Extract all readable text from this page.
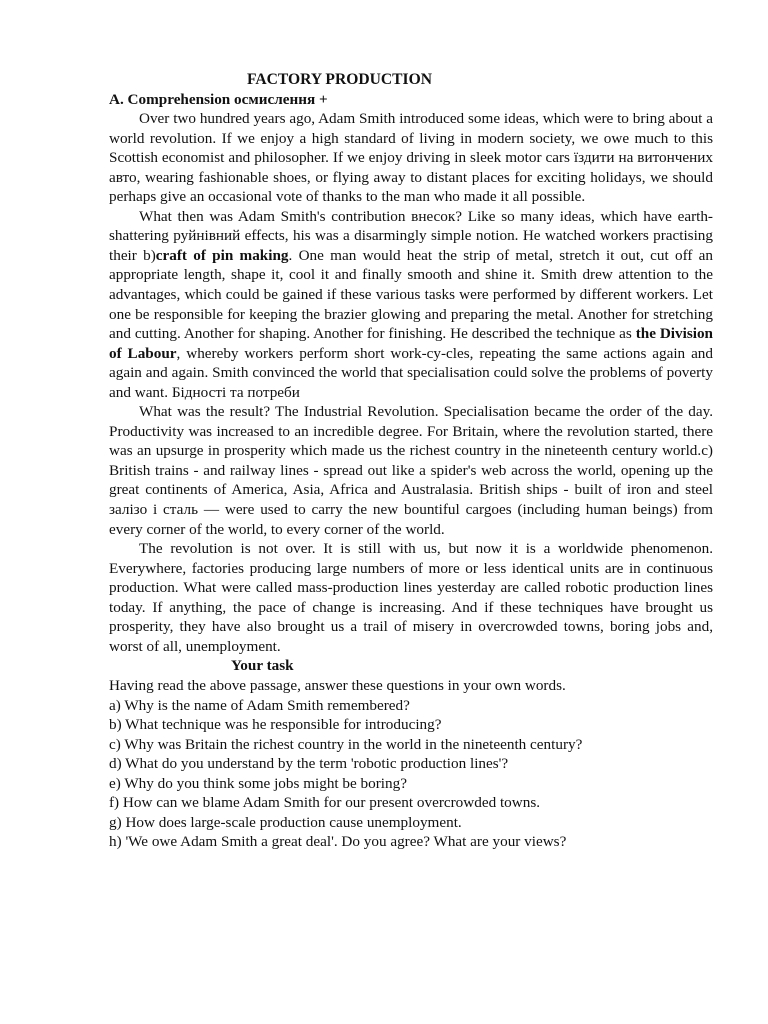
FACTORY PRODUCTION

A. Comprehension осмислення +

Over two hundred years ago, Adam Smith introduced some ideas, which were to bring about a world revolution. If we enjoy a high standard of living in modern society, we owe much to this Scottish economist and philosopher. If we enjoy driving in sleek motor cars їздити на витончених авто, wearing fashionable shoes, or flying away to distant places for exciting holidays, we should perhaps give an occasional vote of thanks to the man who made it all possible.

What then was Adam Smith's contribution внесок? Like so many ideas, which have earth-shattering руйнівний effects, his was a disarmingly simple notion. He watched workers practising their b)craft of pin making. One man would heat the strip of metal, stretch it out, cut off an appropriate length, shape it, cool it and finally smooth and shine it. Smith drew attention to the advantages, which could be gained if these various tasks were performed by different workers. Let one be responsible for keeping the brazier glowing and preparing the metal. Another for stretching and cutting. Another for shaping. Another for finishing. He described the technique as the Division of Labour, whereby workers perform short work-cy-cles, repeating the same actions again and again and again. Smith convinced the world that specialisation could solve the problems of poverty and want. Бідності та потреби

What was the result? The Industrial Revolution. Specialisation became the order of the day. Productivity was increased to an incredible degree. For Britain, where the revolution started, there was an upsurge in prosperity which made us the richest country in the nineteenth century world.c) British trains - and railway lines - spread out like a spider's web across the world, opening up the great continents of America, Asia, Africa and Australasia. British ships - built of iron and steel залізо і сталь — were used to carry the new bountiful cargoes (including human beings) from every corner of the world, to every corner of the world.

The revolution is not over. It is still with us, but now it is a worldwide phenomenon. Everywhere, factories producing large numbers of more or less identical units are in continuous production. What were called mass-production lines yesterday are called robotic production lines today. If anything, the pace of change is increasing. And if these techniques have brought us prosperity, they have also brought us a trail of misery in overcrowded towns, boring jobs and, worst of all, unemployment.

Your task

Having read the above passage, answer these questions in your own words.

a) Why is the name of Adam Smith remembered?
b) What technique was he responsible for introducing?
c) Why was Britain the richest country in the world in the nineteenth century?
d) What do you understand by the term 'robotic production lines'?
e) Why do you think some jobs might be boring?
f) How can we blame Adam Smith for our present overcrowded towns.
g) How does large-scale production cause unemployment.
h) 'We owe Adam Smith a great deal'. Do you agree? What are your views?
